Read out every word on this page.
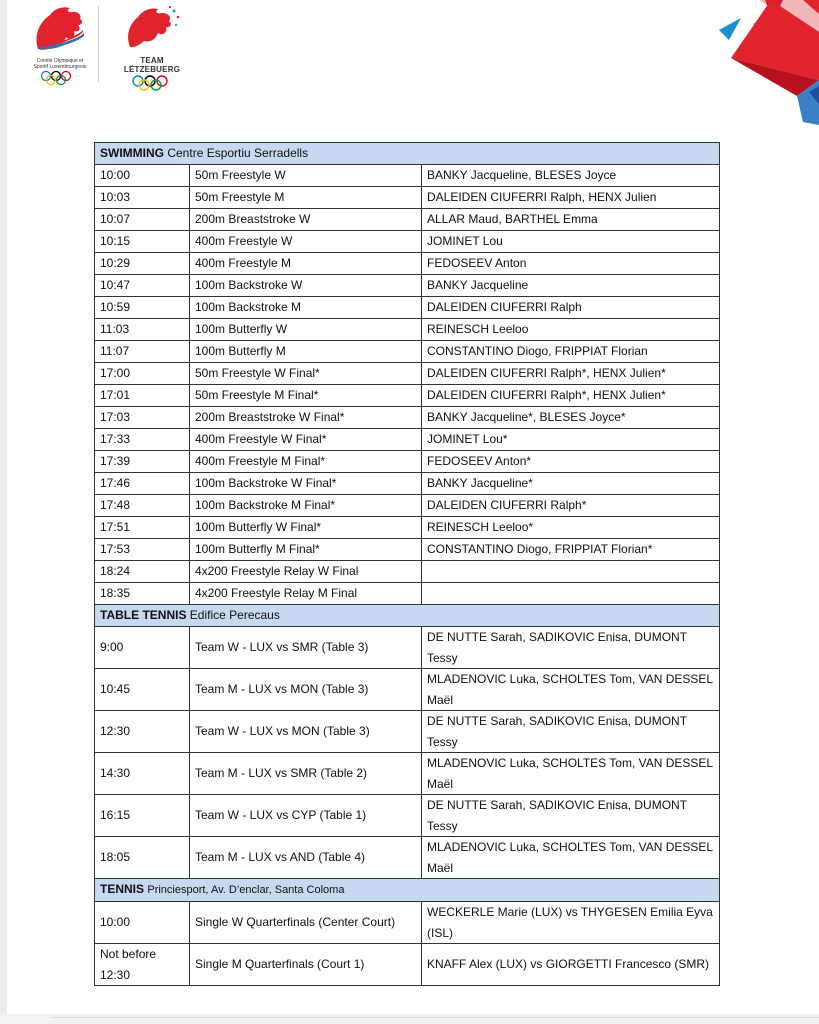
Comité Olympique et
Sportif Luxembourgeois
TEAM LËTZEBUERG
SWIMMING Centre Esportiu Serradells		
10:00	50m Freestyle W	BANKY Jacqueline, BLESES Joyce
10:03	50m Freestyle M	DALEIDEN CIUFERRI Ralph, HENX Julien
10:07	200m Breaststroke W	ALLAR Maud, BARTHEL Emma
10:15	400m Freestyle W	JOMINET Lou
10:29	400m Freestyle M	FEDOSEEV Anton
10:47	100m Backstroke W	BANKY Jacqueline
10:59	100m Backstroke M	DALEIDEN CIUFERRI Ralph
11:03	100m Butterfly W	REINESCH Leeloo
11:07	100m Butterfly M	CONSTANTINO Diogo, FRIPPIAT Florian
17:00	50m Freestyle W Final*	DALEIDEN CIUFERRI Ralph*, HENX Julien*
17:01	50m Freestyle M Final*	DALEIDEN CIUFERRI Ralph*, HENX Julien*
17:03	200m Breaststroke W Final*	BANKY Jacqueline*, BLESES Joyce*
17:33	400m Freestyle W Final*	JOMINET Lou*
17:39	400m Freestyle M Final*	FEDOSEEV Anton*
17:46	100m Backstroke W Final*	BANKY Jacqueline*
17:48	100m Backstroke M Final*	DALEIDEN CIUFERRI Ralph*
17:51	100m Butterfly W Final*	REINESCH Leeloo*
17:53	100m Butterfly M Final*	CONSTANTINO Diogo, FRIPPIAT Florian*
18:24	4x200 Freestyle Relay W Final	
18:35	4x200 Freestyle Relay M Final	
TABLE TENNIS Edifice Perecaus		
9:00	Team W - LUX vs SMR (Table 3)	DE NUTTE Sarah, SADIKOVIC Enisa, DUMONT Tessy
10:45	Team M - LUX vs MON (Table 3)	MLADENOVIC Luka, SCHOLTES Tom, VAN DESSEL Maël
12:30	Team W - LUX vs MON (Table 3)	DE NUTTE Sarah, SADIKOVIC Enisa, DUMONT Tessy
14:30	Team M - LUX vs SMR (Table 2)	MLADENOVIC Luka, SCHOLTES Tom, VAN DESSEL Maël
16:15	Team W - LUX vs CYP (Table 1)	DE NUTTE Sarah, SADIKOVIC Enisa, DUMONT Tessy
18:05	Team M - LUX vs AND (Table 4)	MLADENOVIC Luka, SCHOLTES Tom, VAN DESSEL Maël
TENNIS Princiesport, Av. D’enclar, Santa Coloma		
10:00	Single W Quarterfinals (Center Court)	WECKERLE Marie (LUX) vs THYGESEN Emilia Eyva (ISL)
Not before 12:30	Single M Quarterfinals (Court 1)	KNAFF Alex (LUX) vs GIORGETTI Francesco (SMR)
